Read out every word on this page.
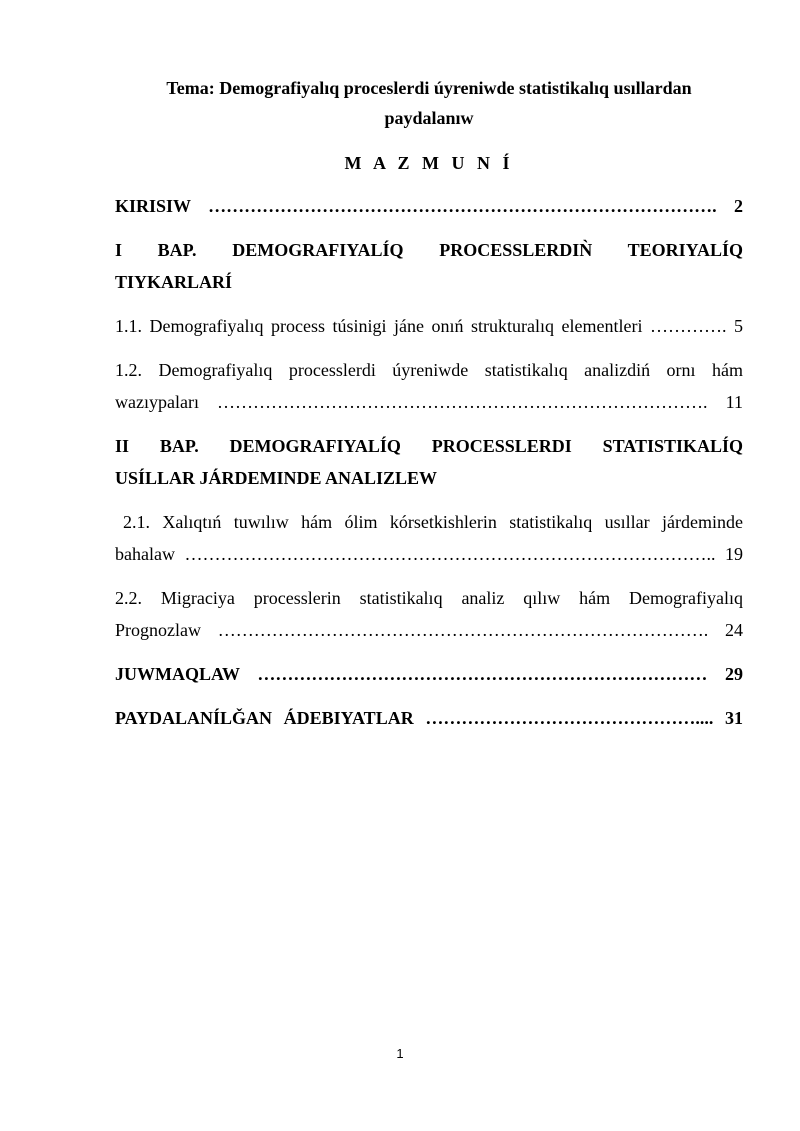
Tema: Demografiyalıq proceslerdi úyreniwde statistikalıq usıllardan
paydalanıw
M A Z M U N Í
KIRISIW …………………………………………………………………………. 2
I BAP. DEMOGRAFIYALÍQ PROCESSLERDIǸ TEORIYALÍQ
TIYKARLARÍ
1.1. Demografiyalıq process túsinigi jáne onıń strukturalıq elementleri …………. 5
1.2. Demografiyalıq processlerdi úyreniwde statistikalıq analizdiń ornı hám
wazıypaları ………………………………………………………………………. 11
II BAP. DEMOGRAFIYALÍQ PROCESSLERDI STATISTIKALÍQ
USÍLLAR JÁRDEMINDE ANALIZLEW
2.1. Xalıqtıń tuwılıw hám ólim kórsetkishlerin statistikalıq usıllar járdeminde
bahalaw …………………………………………………………………………….. 19
2.2. Migraciya processlerin statistikalıq analiz qılıw hám Demografiyalıq
Prognozlaw ………………………………………………………………………. 24
JUWMAQLAW ………………………………………………………………… 29
PAYDALANÍLǦAN ÁDEBIYATLAR ……………………………………….... 31
1
